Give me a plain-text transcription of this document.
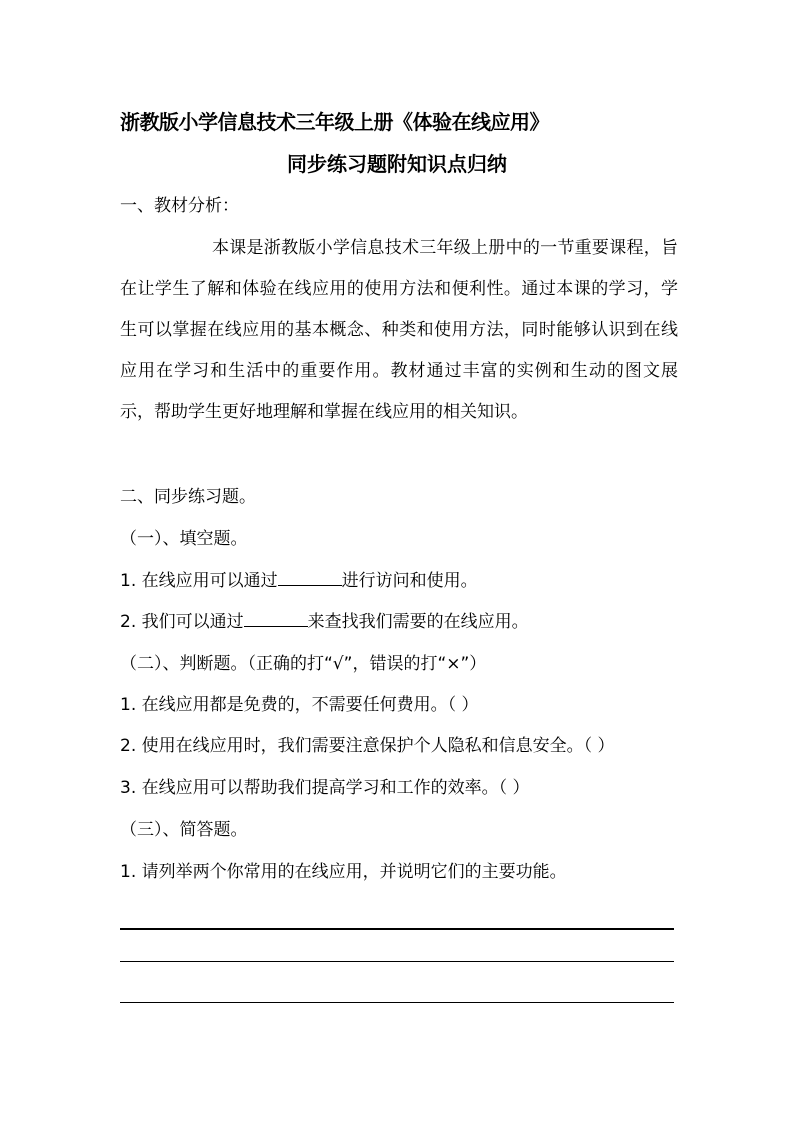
浙教版小学信息技术三年级上册《体验在线应用》
同步练习题附知识点归纳
一、教材分析：
本课是浙教版小学信息技术三年级上册中的一节重要课程，旨在让学生了解和体验在线应用的使用方法和便利性。通过本课的学习，学生可以掌握在线应用的基本概念、种类和使用方法，同时能够认识到在线应用在学习和生活中的重要作用。教材通过丰富的实例和生动的图文展示，帮助学生更好地理解和掌握在线应用的相关知识。
二、同步练习题。
（一）、填空题。
1. 在线应用可以通过	进行访问和使用。
2. 我们可以通过	来查找我们需要的在线应用。
（二）、判断题。（正确的打“√”，错误的打“×”）
1. 在线应用都是免费的，不需要任何费用。（ ）
2. 使用在线应用时，我们需要注意保护个人隐私和信息安全。（ ）
3. 在线应用可以帮助我们提高学习和工作的效率。（ ）
（三）、简答题。
1. 请列举两个你常用的在线应用，并说明它们的主要功能。
